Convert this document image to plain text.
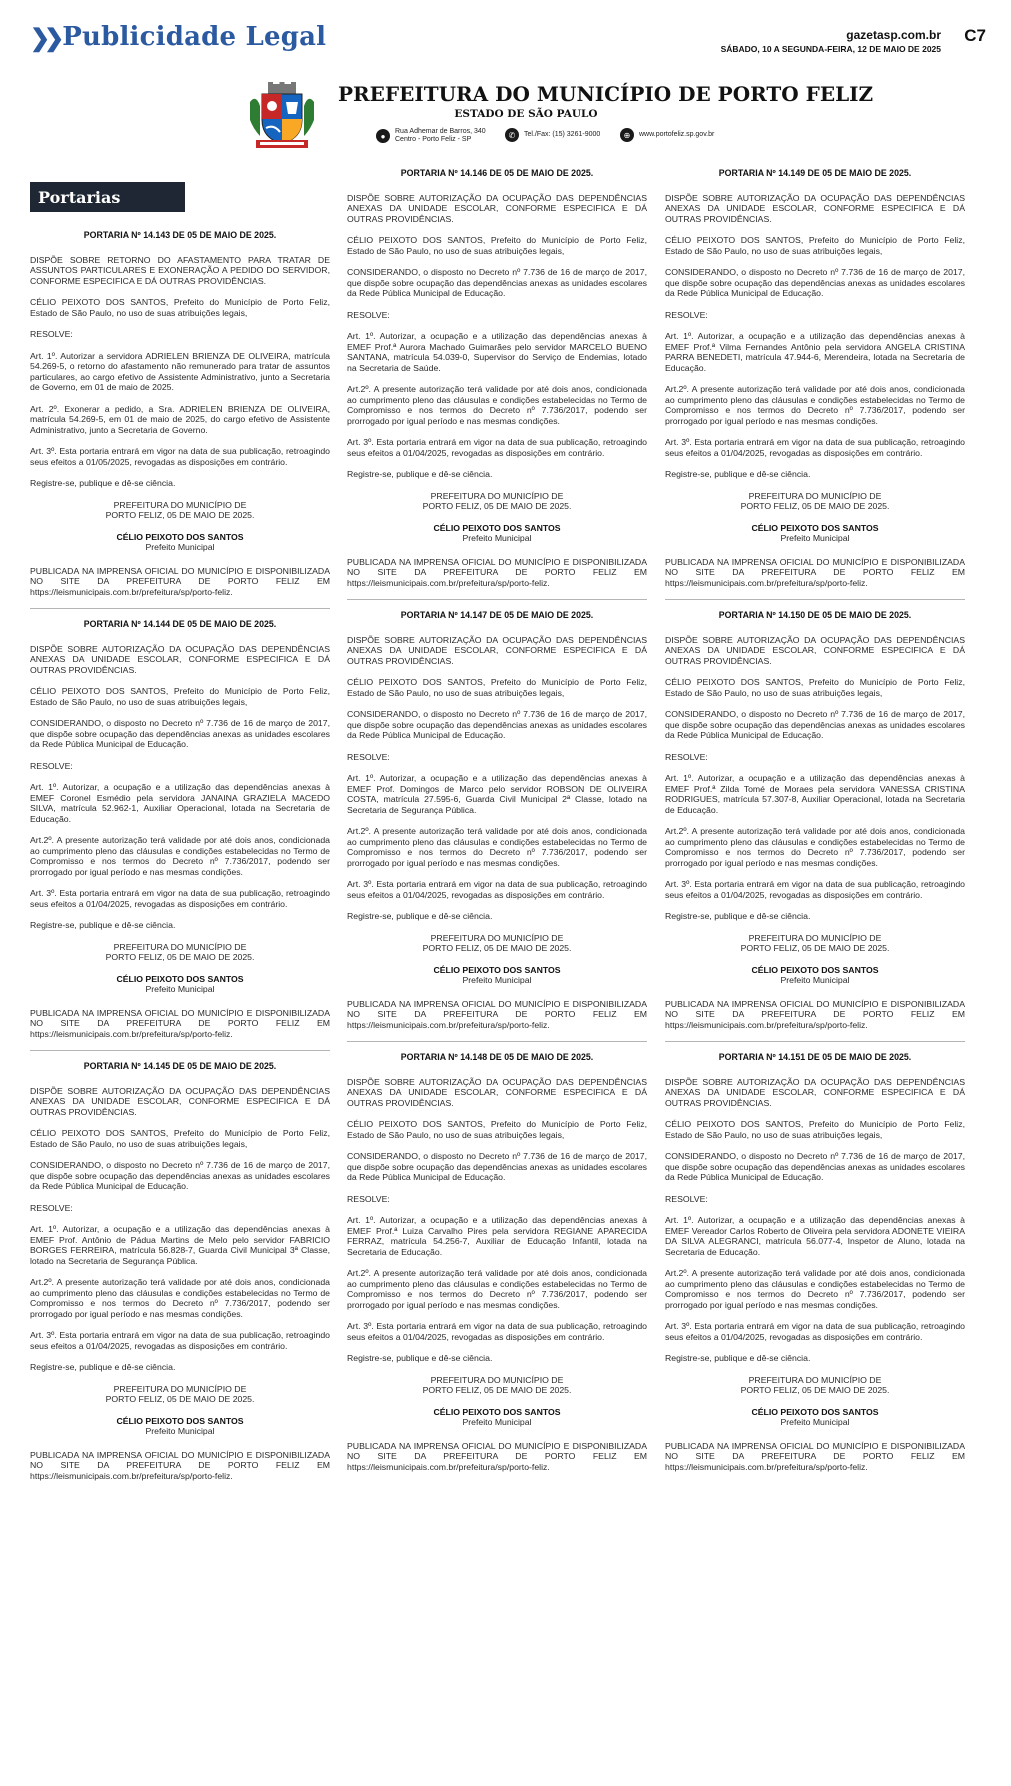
❯❯ Publicidade Legal	gazetasp.com.br
SÁBADO, 10 A SEGUNDA-FEIRA, 12 DE MAIO DE 2025
C7
PREFEITURA DO MUNICÍPIO DE PORTO FELIZ
ESTADO DE SÃO PAULO
●	Rua Adhemar de Barros, 340
Centro - Porto Feliz - SP	✆	Tel./Fax: (15) 3261-9000	⊕	www.portofeliz.sp.gov.br
Portarias

PORTARIA Nº 14.143 DE 05 DE MAIO DE 2025.

DISPÕE SOBRE RETORNO DO AFASTAMENTO PARA TRATAR DE ASSUNTOS PARTICULARES E EXONERAÇÃO A PEDIDO DO SERVIDOR, CONFORME ESPECIFICA E DÁ OUTRAS PROVIDÊNCIAS.

CÉLIO PEIXOTO DOS SANTOS, Prefeito do Município de Porto Feliz, Estado de São Paulo, no uso de suas atribuições legais,

RESOLVE:

Art. 1º. Autorizar a servidora ADRIELEN BRIENZA DE OLIVEIRA, matrícula 54.269-5, o retorno do afastamento não remunerado para tratar de assuntos particulares, ao cargo efetivo de Assistente Administrativo, junto a Secretaria de Governo, em 01 de maio de 2025.

Art. 2º. Exonerar a pedido, a Sra. ADRIELEN BRIENZA DE OLIVEIRA, matrícula 54.269-5, em 01 de maio de 2025, do cargo efetivo de Assistente Administrativo, junto a Secretaria de Governo.

Art. 3º. Esta portaria entrará em vigor na data de sua publicação, retroagindo seus efeitos a 01/05/2025, revogadas as disposições em contrário.

Registre-se, publique e dê-se ciência.

PREFEITURA DO MUNICÍPIO DE
PORTO FELIZ, 05 DE MAIO DE 2025.

CÉLIO PEIXOTO DOS SANTOS

Prefeito Municipal

PUBLICADA NA IMPRENSA OFICIAL DO MUNICÍPIO E DISPONIBILIZADA NO SITE DA PREFEITURA DE PORTO FELIZ EM https://leismunicipais.com.br/prefeitura/sp/porto-feliz.

PORTARIA Nº 14.144 DE 05 DE MAIO DE 2025.

DISPÕE SOBRE AUTORIZAÇÃO DA OCUPAÇÃO DAS DEPENDÊNCIAS ANEXAS DA UNIDADE ESCOLAR, CONFORME ESPECIFICA E DÁ OUTRAS PROVIDÊNCIAS.

CÉLIO PEIXOTO DOS SANTOS, Prefeito do Município de Porto Feliz, Estado de São Paulo, no uso de suas atribuições legais,

CONSIDERANDO, o disposto no Decreto nº 7.736 de 16 de março de 2017, que dispõe sobre ocupação das dependências anexas as unidades escolares da Rede Pública Municipal de Educação.

RESOLVE:

Art. 1º. Autorizar, a ocupação e a utilização das dependências anexas à EMEF Coronel Esmédio pela servidora JANAINA GRAZIELA MACEDO SILVA, matrícula 52.962-1, Auxiliar Operacional, lotada na Secretaria de Educação.

Art.2º. A presente autorização terá validade por até dois anos, condicionada ao cumprimento pleno das cláusulas e condições estabelecidas no Termo de Compromisso e nos termos do Decreto nº 7.736/2017, podendo ser prorrogado por igual período e nas mesmas condições.

Art. 3º. Esta portaria entrará em vigor na data de sua publicação, retroagindo seus efeitos a 01/04/2025, revogadas as disposições em contrário.

Registre-se, publique e dê-se ciência.

PREFEITURA DO MUNICÍPIO DE
PORTO FELIZ, 05 DE MAIO DE 2025.

CÉLIO PEIXOTO DOS SANTOS

Prefeito Municipal

PUBLICADA NA IMPRENSA OFICIAL DO MUNICÍPIO E DISPONIBILIZADA NO SITE DA PREFEITURA DE PORTO FELIZ EM https://leismunicipais.com.br/prefeitura/sp/porto-feliz.

PORTARIA Nº 14.145 DE 05 DE MAIO DE 2025.

DISPÕE SOBRE AUTORIZAÇÃO DA OCUPAÇÃO DAS DEPENDÊNCIAS ANEXAS DA UNIDADE ESCOLAR, CONFORME ESPECIFICA E DÁ OUTRAS PROVIDÊNCIAS.

CÉLIO PEIXOTO DOS SANTOS, Prefeito do Município de Porto Feliz, Estado de São Paulo, no uso de suas atribuições legais,

CONSIDERANDO, o disposto no Decreto nº 7.736 de 16 de março de 2017, que dispõe sobre ocupação das dependências anexas as unidades escolares da Rede Pública Municipal de Educação.

RESOLVE:

Art. 1º. Autorizar, a ocupação e a utilização das dependências anexas à EMEF Prof. Antônio de Pádua Martins de Melo pelo servidor FABRICIO BORGES FERREIRA, matrícula 56.828-7, Guarda Civil Municipal 3ª Classe, lotado na Secretaria de Segurança Pública.

Art.2º. A presente autorização terá validade por até dois anos, condicionada ao cumprimento pleno das cláusulas e condições estabelecidas no Termo de Compromisso e nos termos do Decreto nº 7.736/2017, podendo ser prorrogado por igual período e nas mesmas condições.

Art. 3º. Esta portaria entrará em vigor na data de sua publicação, retroagindo seus efeitos a 01/04/2025, revogadas as disposições em contrário.

Registre-se, publique e dê-se ciência.

PREFEITURA DO MUNICÍPIO DE
PORTO FELIZ, 05 DE MAIO DE 2025.

CÉLIO PEIXOTO DOS SANTOS

Prefeito Municipal

PUBLICADA NA IMPRENSA OFICIAL DO MUNICÍPIO E DISPONIBILIZADA NO SITE DA PREFEITURA DE PORTO FELIZ EM https://leismunicipais.com.br/prefeitura/sp/porto-feliz.

PORTARIA Nº 14.146 DE 05 DE MAIO DE 2025.

DISPÕE SOBRE AUTORIZAÇÃO DA OCUPAÇÃO DAS DEPENDÊNCIAS ANEXAS DA UNIDADE ESCOLAR, CONFORME ESPECIFICA E DÁ OUTRAS PROVIDÊNCIAS.

CÉLIO PEIXOTO DOS SANTOS, Prefeito do Município de Porto Feliz, Estado de São Paulo, no uso de suas atribuições legais,

CONSIDERANDO, o disposto no Decreto nº 7.736 de 16 de março de 2017, que dispõe sobre ocupação das dependências anexas as unidades escolares da Rede Pública Municipal de Educação.

RESOLVE:

Art. 1º. Autorizar, a ocupação e a utilização das dependências anexas à EMEF Prof.ª Aurora Machado Guimarães pelo servidor MARCELO BUENO SANTANA, matrícula 54.039-0, Supervisor do Serviço de Endemias, lotado na Secretaria de Saúde.

Art.2º. A presente autorização terá validade por até dois anos, condicionada ao cumprimento pleno das cláusulas e condições estabelecidas no Termo de Compromisso e nos termos do Decreto nº 7.736/2017, podendo ser prorrogado por igual período e nas mesmas condições.

Art. 3º. Esta portaria entrará em vigor na data de sua publicação, retroagindo seus efeitos a 01/04/2025, revogadas as disposições em contrário.

Registre-se, publique e dê-se ciência.

PREFEITURA DO MUNICÍPIO DE
PORTO FELIZ, 05 DE MAIO DE 2025.

CÉLIO PEIXOTO DOS SANTOS

Prefeito Municipal

PUBLICADA NA IMPRENSA OFICIAL DO MUNICÍPIO E DISPONIBILIZADA NO SITE DA PREFEITURA DE PORTO FELIZ EM https://leismunicipais.com.br/prefeitura/sp/porto-feliz.

PORTARIA Nº 14.147 DE 05 DE MAIO DE 2025.

DISPÕE SOBRE AUTORIZAÇÃO DA OCUPAÇÃO DAS DEPENDÊNCIAS ANEXAS DA UNIDADE ESCOLAR, CONFORME ESPECIFICA E DÁ OUTRAS PROVIDÊNCIAS.

CÉLIO PEIXOTO DOS SANTOS, Prefeito do Município de Porto Feliz, Estado de São Paulo, no uso de suas atribuições legais,

CONSIDERANDO, o disposto no Decreto nº 7.736 de 16 de março de 2017, que dispõe sobre ocupação das dependências anexas as unidades escolares da Rede Pública Municipal de Educação.

RESOLVE:

Art. 1º. Autorizar, a ocupação e a utilização das dependências anexas à EMEF Prof. Domingos de Marco pelo servidor ROBSON DE OLIVEIRA COSTA, matrícula 27.595-6, Guarda Civil Municipal 2ª Classe, lotado na Secretaria de Segurança Pública.

Art.2º. A presente autorização terá validade por até dois anos, condicionada ao cumprimento pleno das cláusulas e condições estabelecidas no Termo de Compromisso e nos termos do Decreto nº 7.736/2017, podendo ser prorrogado por igual período e nas mesmas condições.

Art. 3º. Esta portaria entrará em vigor na data de sua publicação, retroagindo seus efeitos a 01/04/2025, revogadas as disposições em contrário.

Registre-se, publique e dê-se ciência.

PREFEITURA DO MUNICÍPIO DE
PORTO FELIZ, 05 DE MAIO DE 2025.

CÉLIO PEIXOTO DOS SANTOS

Prefeito Municipal

PUBLICADA NA IMPRENSA OFICIAL DO MUNICÍPIO E DISPONIBILIZADA NO SITE DA PREFEITURA DE PORTO FELIZ EM https://leismunicipais.com.br/prefeitura/sp/porto-feliz.

PORTARIA Nº 14.148 DE 05 DE MAIO DE 2025.

DISPÕE SOBRE AUTORIZAÇÃO DA OCUPAÇÃO DAS DEPENDÊNCIAS ANEXAS DA UNIDADE ESCOLAR, CONFORME ESPECIFICA E DÁ OUTRAS PROVIDÊNCIAS.

CÉLIO PEIXOTO DOS SANTOS, Prefeito do Município de Porto Feliz, Estado de São Paulo, no uso de suas atribuições legais,

CONSIDERANDO, o disposto no Decreto nº 7.736 de 16 de março de 2017, que dispõe sobre ocupação das dependências anexas as unidades escolares da Rede Pública Municipal de Educação.

RESOLVE:

Art. 1º. Autorizar, a ocupação e a utilização das dependências anexas à EMEF Prof.ª Luiza Carvalho Pires pela servidora REGIANE APARECIDA FERRAZ, matrícula 54.256-7, Auxiliar de Educação Infantil, lotada na Secretaria de Educação.

Art.2º. A presente autorização terá validade por até dois anos, condicionada ao cumprimento pleno das cláusulas e condições estabelecidas no Termo de Compromisso e nos termos do Decreto nº 7.736/2017, podendo ser prorrogado por igual período e nas mesmas condições.

Art. 3º. Esta portaria entrará em vigor na data de sua publicação, retroagindo seus efeitos a 01/04/2025, revogadas as disposições em contrário.

Registre-se, publique e dê-se ciência.

PREFEITURA DO MUNICÍPIO DE
PORTO FELIZ, 05 DE MAIO DE 2025.

CÉLIO PEIXOTO DOS SANTOS

Prefeito Municipal

PUBLICADA NA IMPRENSA OFICIAL DO MUNICÍPIO E DISPONIBILIZADA NO SITE DA PREFEITURA DE PORTO FELIZ EM https://leismunicipais.com.br/prefeitura/sp/porto-feliz.

PORTARIA Nº 14.149 DE 05 DE MAIO DE 2025.

DISPÕE SOBRE AUTORIZAÇÃO DA OCUPAÇÃO DAS DEPENDÊNCIAS ANEXAS DA UNIDADE ESCOLAR, CONFORME ESPECIFICA E DÁ OUTRAS PROVIDÊNCIAS.

CÉLIO PEIXOTO DOS SANTOS, Prefeito do Município de Porto Feliz, Estado de São Paulo, no uso de suas atribuições legais,

CONSIDERANDO, o disposto no Decreto nº 7.736 de 16 de março de 2017, que dispõe sobre ocupação das dependências anexas as unidades escolares da Rede Pública Municipal de Educação.

RESOLVE:

Art. 1º. Autorizar, a ocupação e a utilização das dependências anexas à EMEF Prof.ª Vilma Fernandes Antônio pela servidora ANGELA CRISTINA PARRA BENEDETI, matrícula 47.944-6, Merendeira, lotada na Secretaria de Educação.

Art.2º. A presente autorização terá validade por até dois anos, condicionada ao cumprimento pleno das cláusulas e condições estabelecidas no Termo de Compromisso e nos termos do Decreto nº 7.736/2017, podendo ser prorrogado por igual período e nas mesmas condições.

Art. 3º. Esta portaria entrará em vigor na data de sua publicação, retroagindo seus efeitos a 01/04/2025, revogadas as disposições em contrário.

Registre-se, publique e dê-se ciência.

PREFEITURA DO MUNICÍPIO DE
PORTO FELIZ, 05 DE MAIO DE 2025.

CÉLIO PEIXOTO DOS SANTOS

Prefeito Municipal

PUBLICADA NA IMPRENSA OFICIAL DO MUNICÍPIO E DISPONIBILIZADA NO SITE DA PREFEITURA DE PORTO FELIZ EM https://leismunicipais.com.br/prefeitura/sp/porto-feliz.

PORTARIA Nº 14.150 DE 05 DE MAIO DE 2025.

DISPÕE SOBRE AUTORIZAÇÃO DA OCUPAÇÃO DAS DEPENDÊNCIAS ANEXAS DA UNIDADE ESCOLAR, CONFORME ESPECIFICA E DÁ OUTRAS PROVIDÊNCIAS.

CÉLIO PEIXOTO DOS SANTOS, Prefeito do Município de Porto Feliz, Estado de São Paulo, no uso de suas atribuições legais,

CONSIDERANDO, o disposto no Decreto nº 7.736 de 16 de março de 2017, que dispõe sobre ocupação das dependências anexas as unidades escolares da Rede Pública Municipal de Educação.

RESOLVE:

Art. 1º. Autorizar, a ocupação e a utilização das dependências anexas à EMEF Prof.ª Zilda Tomé de Moraes pela servidora VANESSA CRISTINA RODRIGUES, matrícula 57.307-8, Auxiliar Operacional, lotada na Secretaria de Educação.

Art.2º. A presente autorização terá validade por até dois anos, condicionada ao cumprimento pleno das cláusulas e condições estabelecidas no Termo de Compromisso e nos termos do Decreto nº 7.736/2017, podendo ser prorrogado por igual período e nas mesmas condições.

Art. 3º. Esta portaria entrará em vigor na data de sua publicação, retroagindo seus efeitos a 01/04/2025, revogadas as disposições em contrário.

Registre-se, publique e dê-se ciência.

PREFEITURA DO MUNICÍPIO DE
PORTO FELIZ, 05 DE MAIO DE 2025.

CÉLIO PEIXOTO DOS SANTOS

Prefeito Municipal

PUBLICADA NA IMPRENSA OFICIAL DO MUNICÍPIO E DISPONIBILIZADA NO SITE DA PREFEITURA DE PORTO FELIZ EM https://leismunicipais.com.br/prefeitura/sp/porto-feliz.

PORTARIA Nº 14.151 DE 05 DE MAIO DE 2025.

DISPÕE SOBRE AUTORIZAÇÃO DA OCUPAÇÃO DAS DEPENDÊNCIAS ANEXAS DA UNIDADE ESCOLAR, CONFORME ESPECIFICA E DÁ OUTRAS PROVIDÊNCIAS.

CÉLIO PEIXOTO DOS SANTOS, Prefeito do Município de Porto Feliz, Estado de São Paulo, no uso de suas atribuições legais,

CONSIDERANDO, o disposto no Decreto nº 7.736 de 16 de março de 2017, que dispõe sobre ocupação das dependências anexas as unidades escolares da Rede Pública Municipal de Educação.

RESOLVE:

Art. 1º. Autorizar, a ocupação e a utilização das dependências anexas à EMEF Vereador Carlos Roberto de Oliveira pela servidora ADONETE VIEIRA DA SILVA ALEGRANCI, matrícula 56.077-4, Inspetor de Aluno, lotada na Secretaria de Educação.

Art.2º. A presente autorização terá validade por até dois anos, condicionada ao cumprimento pleno das cláusulas e condições estabelecidas no Termo de Compromisso e nos termos do Decreto nº 7.736/2017, podendo ser prorrogado por igual período e nas mesmas condições.

Art. 3º. Esta portaria entrará em vigor na data de sua publicação, retroagindo seus efeitos a 01/04/2025, revogadas as disposições em contrário.

Registre-se, publique e dê-se ciência.

PREFEITURA DO MUNICÍPIO DE
PORTO FELIZ, 05 DE MAIO DE 2025.

CÉLIO PEIXOTO DOS SANTOS

Prefeito Municipal

PUBLICADA NA IMPRENSA OFICIAL DO MUNICÍPIO E DISPONIBILIZADA NO SITE DA PREFEITURA DE PORTO FELIZ EM https://leismunicipais.com.br/prefeitura/sp/porto-feliz.
